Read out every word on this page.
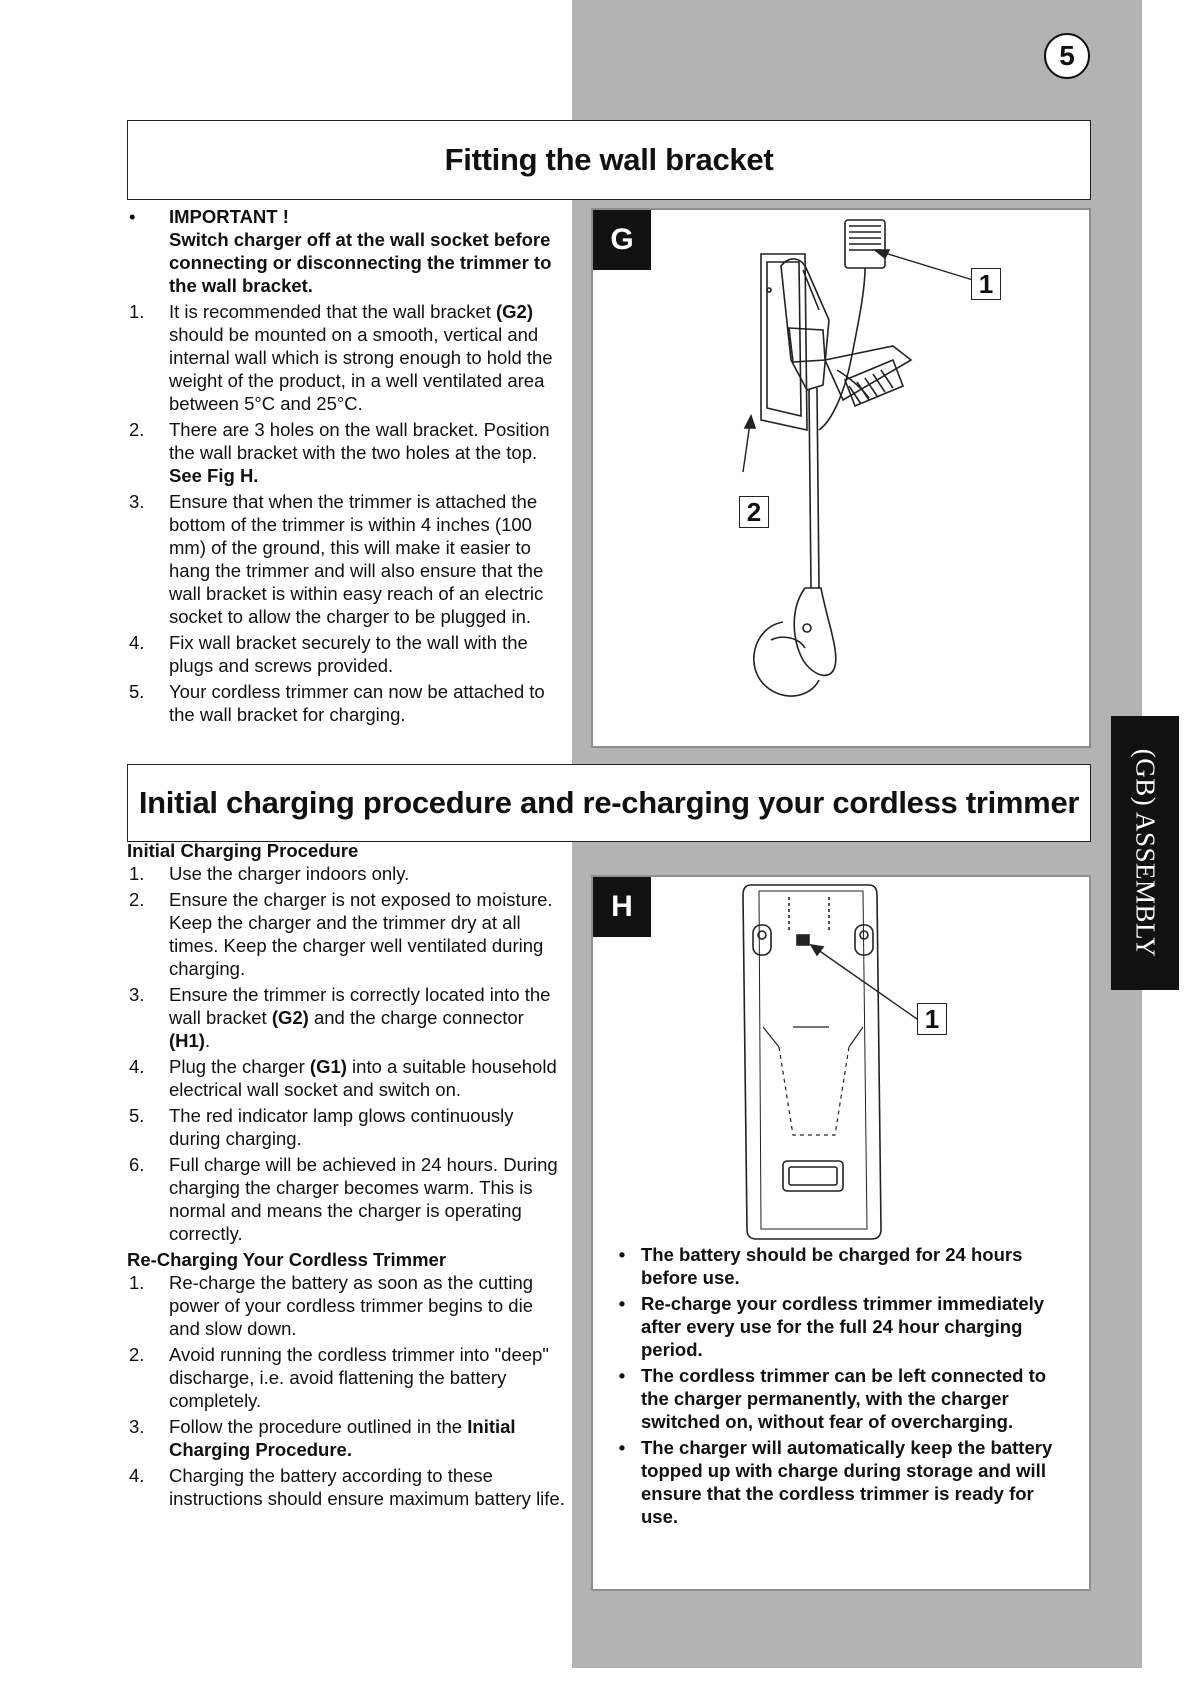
5
Fitting the wall bracket
•	IMPORTANT !
Switch charger off at the wall socket before connecting or disconnecting the trimmer to the wall bracket.
1.	It is recommended that the wall bracket (G2) should be mounted on a smooth, vertical and internal wall which is strong enough to hold the weight of the product, in a well ventilated area between 5°C and 25°C.
2.	There are 3 holes on the wall bracket. Position the wall bracket with the two holes at the top. See Fig H.
3.	Ensure that when the trimmer is attached the bottom of the trimmer is within 4 inches (100 mm) of the ground, this will make it easier to hang the trimmer and will also ensure that the wall bracket is within easy reach of an electric socket to allow the charger to be plugged in.
4.	Fix wall bracket securely to the wall with the plugs and screws provided.
5.	Your cordless trimmer can now be attached to the wall bracket for charging.
G
1
2
Initial charging procedure and re-charging your cordless trimmer

Initial Charging Procedure

1.	Use the charger indoors only.
2.	Ensure the charger is not exposed to moisture. Keep the charger and the trimmer dry at all times. Keep the charger well ventilated during charging.
3.	Ensure the trimmer is correctly located into the wall bracket (G2) and the charge connector (H1).
4.	Plug the charger (G1) into a suitable household electrical wall socket and switch on.
5.	The red indicator lamp glows continuously during charging.
6.	Full charge will be achieved in 24 hours. During charging the charger becomes warm. This is normal and means the charger is operating correctly.

Re-Charging Your Cordless Trimmer

1.	Re-charge the battery as soon as the cutting power of your cordless trimmer begins to die and slow down.
2.	Avoid running the cordless trimmer into "deep" discharge, i.e. avoid flattening the battery completely.
3.	Follow the procedure outlined in the Initial Charging Procedure.
4.	Charging the battery according to these instructions should ensure maximum battery life.
H
1
• The battery should be charged for 24 hours before use.
• Re-charge your cordless trimmer immediately after every use for the full 24 hour charging period.
• The cordless trimmer can be left connected to the charger permanently, with the charger switched on, without fear of overcharging.
• The charger will automatically keep the battery topped up with charge during storage and will ensure that the cordless trimmer is ready for use.
(GB) ASSEMBLY
